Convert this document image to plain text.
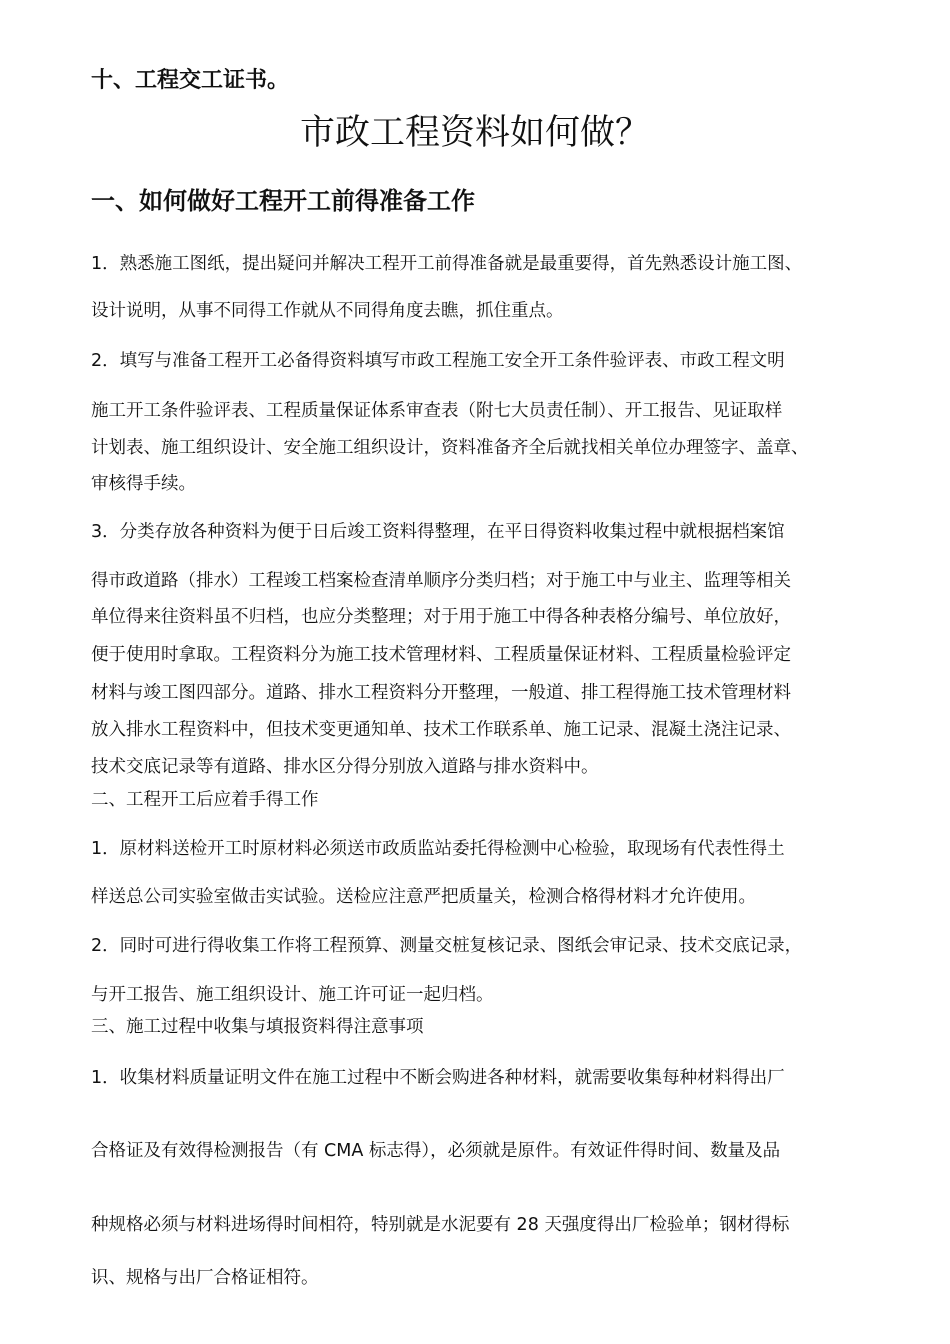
十、工程交工证书。
市政工程资料如何做？
一、如何做好工程开工前得准备工作
1．熟悉施工图纸，提出疑问并解决工程开工前得准备就是最重要得，首先熟悉设计施工图、
设计说明，从事不同得工作就从不同得角度去瞧，抓住重点。
2．填写与准备工程开工必备得资料填写市政工程施工安全开工条件验评表、市政工程文明
施工开工条件验评表、工程质量保证体系审查表（附七大员责任制）、开工报告、见证取样
计划表、施工组织设计、安全施工组织设计，资料准备齐全后就找相关单位办理签字、盖章、
审核得手续。
3．分类存放各种资料为便于日后竣工资料得整理，在平日得资料收集过程中就根据档案馆
得市政道路（排水）工程竣工档案检查清单顺序分类归档；对于施工中与业主、监理等相关
单位得来往资料虽不归档，也应分类整理；对于用于施工中得各种表格分编号、单位放好，
便于使用时拿取。工程资料分为施工技术管理材料、工程质量保证材料、工程质量检验评定
材料与竣工图四部分。道路、排水工程资料分开整理，一般道、排工程得施工技术管理材料
放入排水工程资料中，但技术变更通知单、技术工作联系单、施工记录、混凝土浇注记录、
技术交底记录等有道路、排水区分得分别放入道路与排水资料中。
二、工程开工后应着手得工作
1．原材料送检开工时原材料必须送市政质监站委托得检测中心检验，取现场有代表性得土
样送总公司实验室做击实试验。送检应注意严把质量关，检测合格得材料才允许使用。
2．同时可进行得收集工作将工程预算、测量交桩复核记录、图纸会审记录、技术交底记录，
与开工报告、施工组织设计、施工许可证一起归档。
三、施工过程中收集与填报资料得注意事项
1．收集材料质量证明文件在施工过程中不断会购进各种材料，就需要收集每种材料得出厂
合格证及有效得检测报告（有 CMA 标志得），必须就是原件。有效证件得时间、数量及品
种规格必须与材料进场得时间相符，特别就是水泥要有 28 天强度得出厂检验单；钢材得标
识、规格与出厂合格证相符。
